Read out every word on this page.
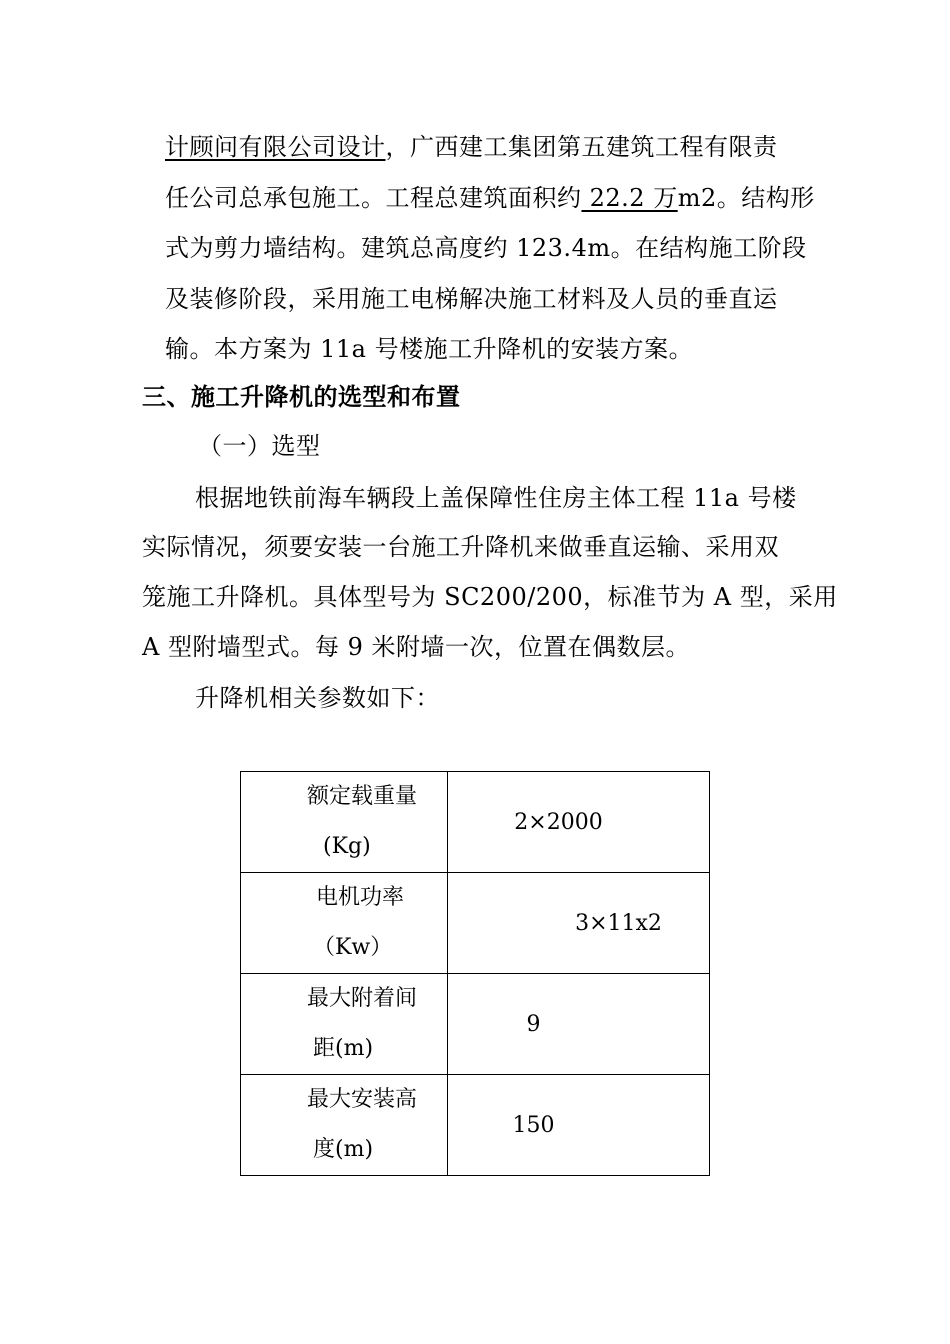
计顾问有限公司设计，广西建工集团第五建筑工程有限责
任公司总承包施工。工程总建筑面积约 22.2 万m2。结构形
式为剪力墙结构。建筑总高度约 123.4m。在结构施工阶段
及装修阶段，采用施工电梯解决施工材料及人员的垂直运
输。本方案为 11a 号楼施工升降机的安装方案。
三、施工升降机的选型和布置
（一）选型
根据地铁前海车辆段上盖保障性住房主体工程 11a 号楼
实际情况，须要安装一台施工升降机来做垂直运输、采用双
笼施工升降机。具体型号为 SC200/200，标准节为 A 型，采用
A 型附墙型式。每 9 米附墙一次，位置在偶数层。
升降机相关参数如下：
额定载重量
(Kg)	2×2000

电机功率
（Kw）	3×11x2

最大附着间
距(m)	9

最大安装高
度(m)	150
